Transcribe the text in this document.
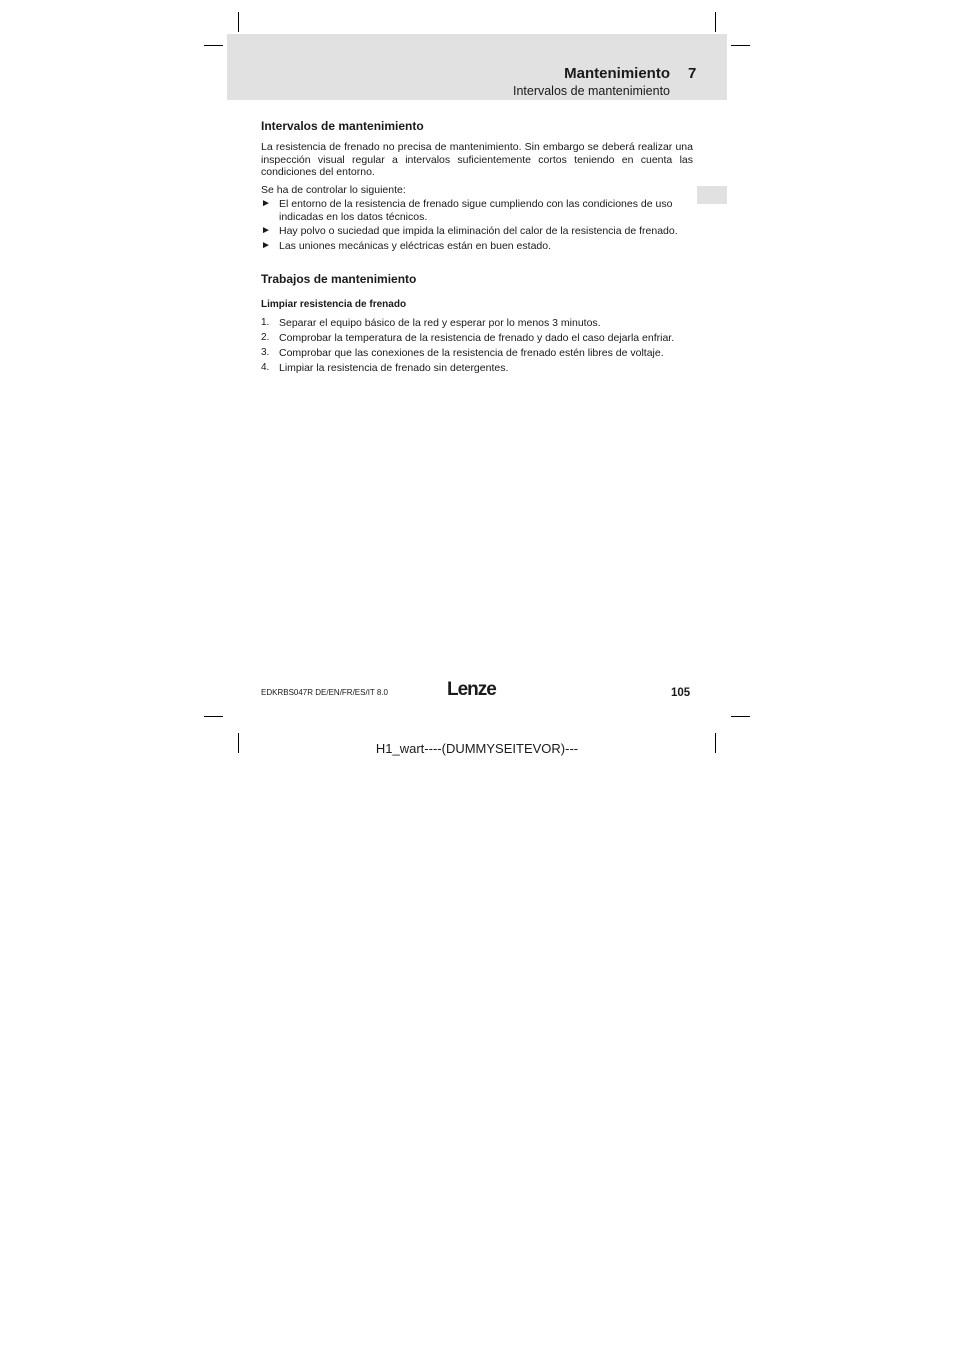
Mantenimiento 7
Intervalos de mantenimiento
Intervalos de mantenimiento

La resistencia de frenado no precisa de mantenimiento. Sin embargo se deberá realizar una inspección visual regular a intervalos suficientemente cortos teniendo en cuenta las condiciones del entorno.

Se ha de controlar lo siguiente:

► El entorno de la resistencia de frenado sigue cumpliendo con las condiciones de uso indicadas en los datos técnicos.
► Hay polvo o suciedad que impida la eliminación del calor de la resistencia de frenado.
► Las uniones mecánicas y eléctricas están en buen estado.
Trabajos de mantenimiento
Limpiar resistencia de frenado
1. Separar el equipo básico de la red y esperar por lo menos 3 minutos.
2. Comprobar la temperatura de la resistencia de frenado y dado el caso dejarla enfriar.
3. Comprobar que las conexiones de la resistencia de frenado estén libres de voltaje.
4. Limpiar la resistencia de frenado sin detergentes.
EDKRBS047R DE/EN/FR/ES/IT 8.0	Lenze	105
H1_wart----(DUMMYSEITEVOR)---
